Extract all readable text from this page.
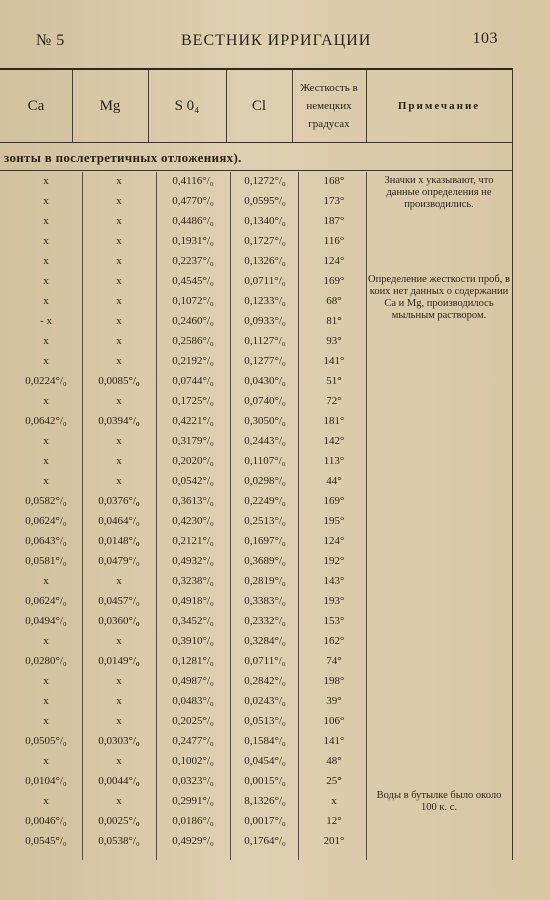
№ 5	ВЕСТНИК ИРРИГАЦИИ	103
Ca	Mg	S 0₄	Cl
Жесткость в немецких градусах
Примечание
зонты в послетретичных отложениях).
x	x	0,4116°/₀	0,1272°/₀	168°
x	x	0,4770°/₀	0,0595°/₀	173°
x	x	0,4486°/₀	0,1340°/₀	187°
x	x	0,1931°/₀	0,1727°/₀	116°
x	x	0,2237°/₀	0,1326°/₀	124°
x	x	0,4545°/₀	0,0711°/₀	169°
x	x	0,1072°/₀	0,1233°/₀	68°
- x	x	0,2460°/₀	0,0933°/₀	81°
x	x	0,2586°/₀	0,1127°/₀	93°
x	x	0,2192°/₀	0,1277°/₀	141°
0,0224°/₀	0,0085°/₀	0,0744°/₀	0,0430°/₀	51°
x	x	0,1725°/₀	0,0740°/₀	72°
0,0642°/₀	0,0394°/₀	0,4221°/₀	0,3050°/₀	181°
x	x	0,3179°/₀	0,2443°/₀	142°
x	x	0,2020°/₀	0,1107°/₀	113°
x	x	0,0542°/₀	0,0298°/₀	44°
0,0582°/₀	0,0376°/₀	0,3613°/₀	0,2249°/₀	169°
0,0624°/₀	0,0464°/₀	0,4230°/₀	0,2513°/₀	195°
0,0643°/₀	0,0148°/₀	0,2121°/₀	0,1697°/₀	124°
0,0581°/₀	0,0479°/₀	0,4932°/₀	0,3689°/₀	192°
x	x	0,3238°/₀	0,2819°/₀	143°
0,0624°/₀	0,0457°/₀	0,4918°/₀	0,3383°/₀	193°
0,0494°/₀	0,0360°/₀	0,3452°/₀	0,2332°/₀	153°
x	x	0,3910°/₀	0,3284°/₀	162°
0,0280°/₀	0,0149°/₀	0,1281°/₀	0,0711°/₀	74°
x	x	0,4987°/₀	0,2842°/₀	198°
x	x	0,0483°/₀	0,0243°/₀	39°
x	x	0,2025°/₀	0,0513°/₀	106°
0,0505°/₀	0,0303°/₀	0,2477°/₀	0,1584°/₀	141°
x	x	0,1002°/₀	0,0454°/₀	48°
0,0104°/₀	0,0044°/₀	0,0323°/₀	0,0015°/₀	25°
x	x	0,2991°/₀	8,1326°/₀	x
0,0046°/₀	0,0025°/₀	0,0186°/₀	0,0017°/₀	12°
0,0545°/₀	0,0538°/₀	0,4929°/₀	0,1764°/₀	201°
Значки x указывают, что данные определения не производились.
Определение жесткости проб, в коих нет данных о содержании Ca и Mg, производилось мыльным раствором.
Воды в бутылке было около 100 к. с.
